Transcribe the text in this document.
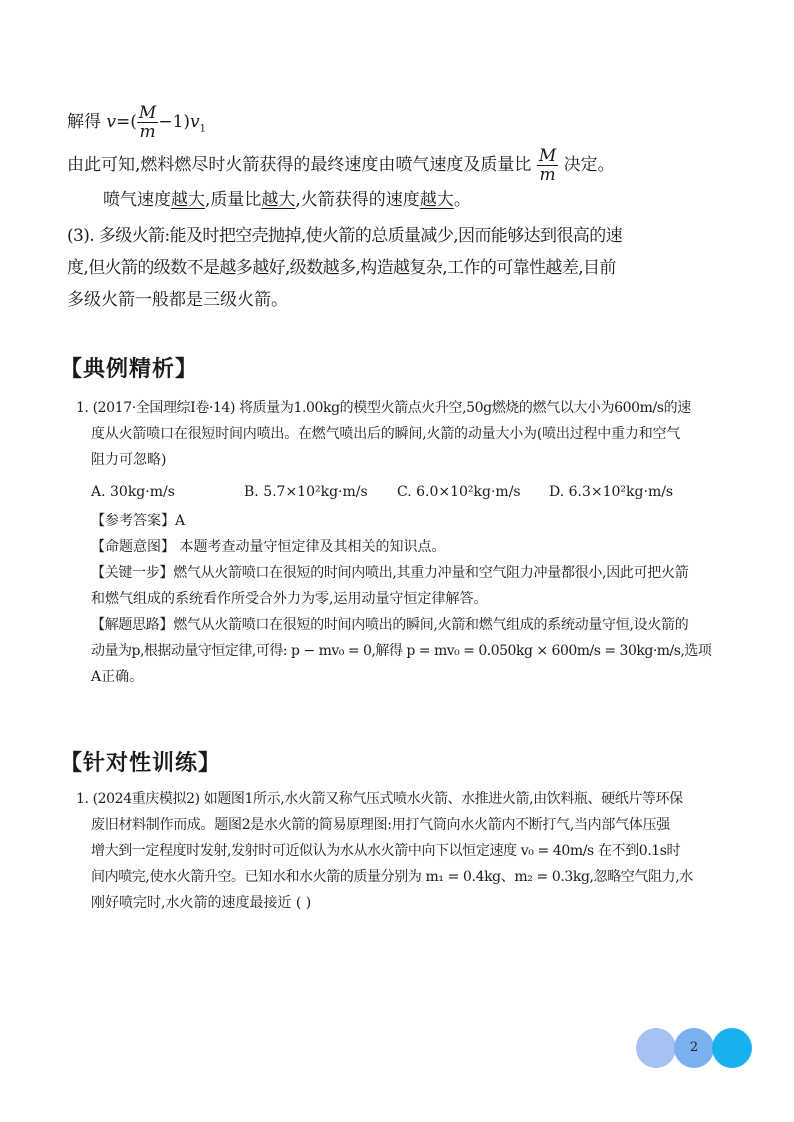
解得 $v=( \frac{M}{m} -1)v_1$
由此可知,燃料燃尽时火箭获得的最终速度由喷气速度及质量比 $\frac{M}{m}$ 决定。
喷气速度越大,质量比越大,火箭获得的速度越大。
(3). 多级火箭:能及时把空壳抛掉,使火箭的总质量减少,因而能够达到很高的速
度,但火箭的级数不是越多越好,级数越多,构造越复杂,工作的可靠性越差,目前
多级火箭一般都是三级火箭。
【典例精析】
1. (2017·全国理综I卷·14) 将质量为1.00kg的模型火箭点火升空,50g燃烧的燃气以大小为600m/s的速
度从火箭喷口在很短时间内喷出。在燃气喷出后的瞬间,火箭的动量大小为(喷出过程中重力和空气
阻力可忽略)
A. 30kg·m/s	B. 5.7×10²kg·m/s C. 6.0×10²kg·m/s D. 6.3×10²kg·m/s
【参考答案】A
【命题意图】 本题考查动量守恒定律及其相关的知识点。
【关键一步】燃气从火箭喷口在很短的时间内喷出,其重力冲量和空气阻力冲量都很小,因此可把火箭
和燃气组成的系统看作所受合外力为零,运用动量守恒定律解答。
【解题思路】燃气从火箭喷口在很短的时间内喷出的瞬间,火箭和燃气组成的系统动量守恒,设火箭的
动量为p,根据动量守恒定律,可得: p − mv₀ = 0,解得 p = mv₀ = 0.050kg × 600m/s = 30kg·m/s,选项
A正确。
【针对性训练】
1. (2024重庆模拟2) 如题图1所示,水火箭又称气压式喷水火箭、水推进火箭,由饮料瓶、硬纸片等环保
废旧材料制作而成。题图2是水火箭的简易原理图:用打气筒向水火箭内不断打气,当内部气体压强
增大到一定程度时发射,发射时可近似认为水从水火箭中向下以恒定速度 v₀ = 40m/s 在不到0.1s时
间内喷完,使水火箭升空。已知水和水火箭的质量分别为 m₁ = 0.4kg、m₂ = 0.3kg,忽略空气阻力,水
刚好喷完时,水火箭的速度最接近 ( )
2
